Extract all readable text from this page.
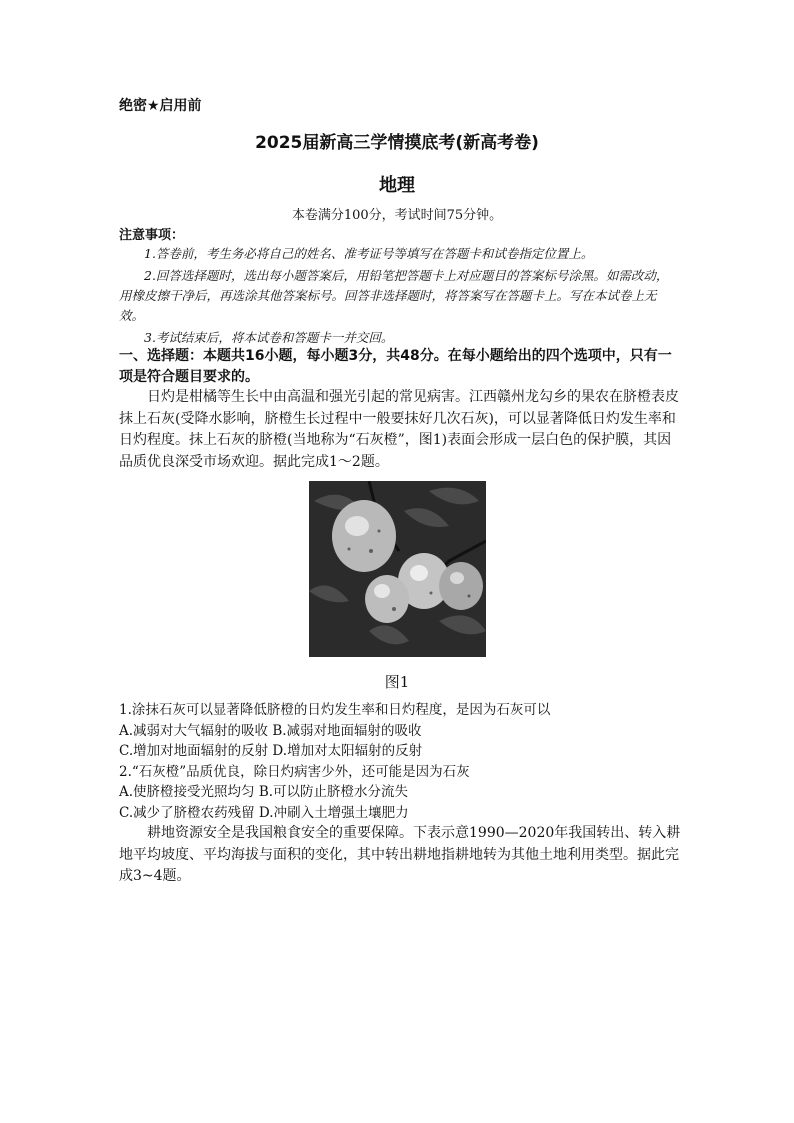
绝密★启用前
2025届新高三学情摸底考(新高考卷)
地理
本卷满分100分，考试时间75分钟。
注意事项：

1.答卷前，考生务必将自己的姓名、准考证号等填写在答题卡和试卷指定位置上。

2.回答选择题时，选出每小题答案后，用铅笔把答题卡上对应题目的答案标号涂黑。如需改动，用橡皮擦干净后，再选涂其他答案标号。回答非选择题时，将答案写在答题卡上。写在本试卷上无效。

3.考试结束后，将本试卷和答题卡一并交回。

一、选择题：本题共16小题，每小题3分，共48分。在每小题给出的四个选项中，只有一项是符合题目要求的。

日灼是柑橘等生长中由高温和强光引起的常见病害。江西赣州龙勾乡的果农在脐橙表皮抹上石灰(受降水影响，脐橙生长过程中一般要抹好几次石灰)，可以显著降低日灼发生率和日灼程度。抹上石灰的脐橙(当地称为“石灰橙”，图1)表面会形成一层白色的保护膜，其因品质优良深受市场欢迎。据此完成1～2题。

图1

1.涂抹石灰可以显著降低脐橙的日灼发生率和日灼程度，是因为石灰可以

A.减弱对大气辐射的吸收 B.减弱对地面辐射的吸收

C.增加对地面辐射的反射 D.增加对太阳辐射的反射

2.“石灰橙”品质优良，除日灼病害少外，还可能是因为石灰

A.使脐橙接受光照均匀 B.可以防止脐橙水分流失

C.减少了脐橙农药残留 D.冲刷入土增强土壤肥力

耕地资源安全是我国粮食安全的重要保障。下表示意1990—2020年我国转出、转入耕地平均坡度、平均海拔与面积的变化，其中转出耕地指耕地转为其他土地利用类型。据此完成3~4题。
